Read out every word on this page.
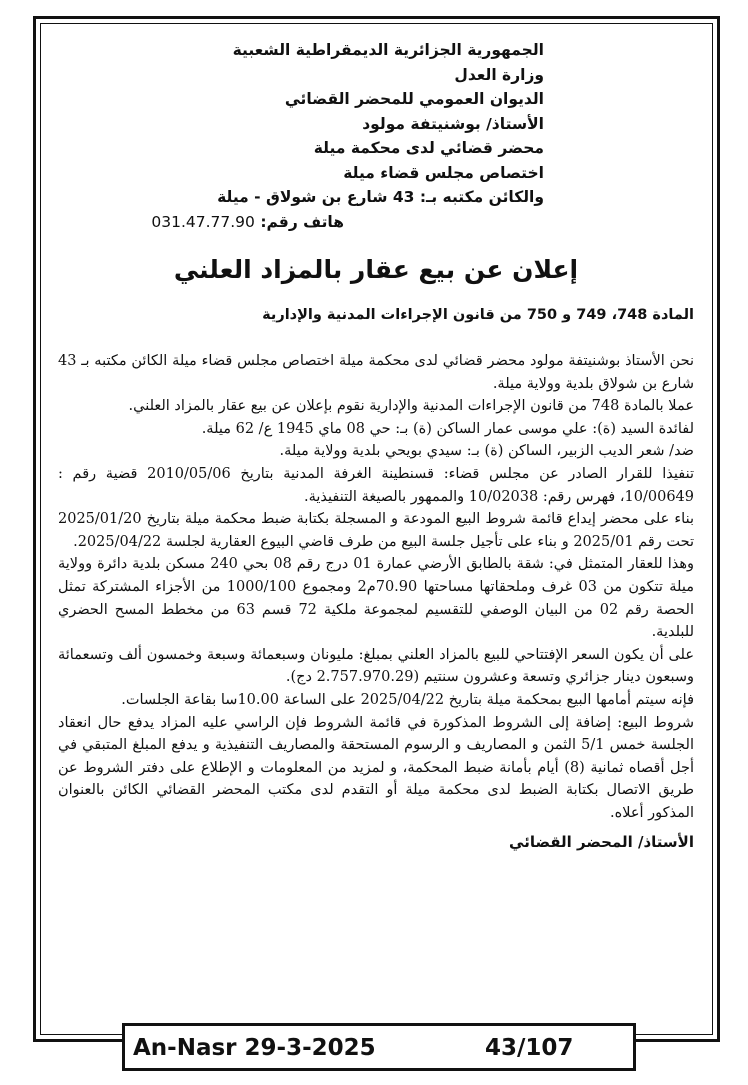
الجمهورية الجزائرية الديمقراطية الشعبية
وزارة العدل
الديوان العمومي للمحضر القضائي
الأستاذ/ بوشنيتفة مولود
محضر قضائي لدى محكمة ميلة
اختصاص مجلس قضاء ميلة
والكائن مكتبه بـ: 43 شارع بن شولاق - ميلة
هاتف رقم: 031.47.77.90
إعلان عن بيع عقار بالمزاد العلني
المادة 748، 749 و 750 من قانون الإجراءات المدنية والإدارية

نحن الأستاذ بوشنيتفة مولود محضر قضائي لدى محكمة ميلة اختصاص مجلس قضاء ميلة الكائن مكتبه بـ 43 شارع بن شولاق بلدية وولاية ميلة.

عملا بالمادة 748 من قانون الإجراءات المدنية والإدارية نقوم بإعلان عن بيع عقار بالمزاد العلني.

لفائدة السيد (ة): علي موسى عمار الساكن (ة) بـ: حي 08 ماي 1945 ع/ 62 ميلة.

ضد/ شعر الديب الزبير، الساكن (ة) بـ: سيدي بويحي بلدية وولاية ميلة.

تنفيذا للقرار الصادر عن مجلس قضاء: قسنطينة الغرفة المدنية بتاريخ 2010/05/06 قضية رقم : 10/00649، فهرس رقم: 10/02038 والممهور بالصيغة التنفيذية.

بناء على محضر إيداع قائمة شروط البيع المودعة و المسجلة بكتابة ضبط محكمة ميلة بتاريخ 2025/01/20 تحت رقم 2025/01 و بناء على تأجيل جلسة البيع من طرف قاضي البيوع العقارية لجلسة 2025/04/22.

وهذا للعقار المتمثل في: شقة بالطابق الأرضي عمارة 01 درج رقم 08 بحي 240 مسكن بلدية دائرة وولاية ميلة تتكون من 03 غرف وملحقاتها مساحتها 70.90م2 ومجموع 1000/100 من الأجزاء المشتركة تمثل الحصة رقم 02 من البيان الوصفي للتقسيم لمجموعة ملكية 72 قسم 63 من مخطط المسح الحضري للبلدية.

على أن يكون السعر الإفتتاحي للبيع بالمزاد العلني بمبلغ: مليونان وسبعمائة وسبعة وخمسون ألف وتسعمائة وسبعون دينار جزائري وتسعة وعشرون سنتيم (2.757.970.29 دج).

فإنه سيتم أمامها البيع بمحكمة ميلة بتاريخ 2025/04/22 على الساعة 10.00سا بقاعة الجلسات.

شروط البيع: إضافة إلى الشروط المذكورة في قائمة الشروط فإن الراسي عليه المزاد يدفع حال انعقاد الجلسة خمس 5/1 الثمن و المصاريف و الرسوم المستحقة والمصاريف التنفيذية و يدفع المبلغ المتبقي في أجل أقصاه ثمانية (8) أيام بأمانة ضبط المحكمة، و لمزيد من المعلومات و الإطلاع على دفتر الشروط عن طريق الاتصال بكتابة الضبط لدى محكمة ميلة أو التقدم لدى مكتب المحضر القضائي الكائن بالعنوان المذكور أعلاه.

الأستاذ/ المحضر القضائي
An-Nasr 29-3-2025	43/107
